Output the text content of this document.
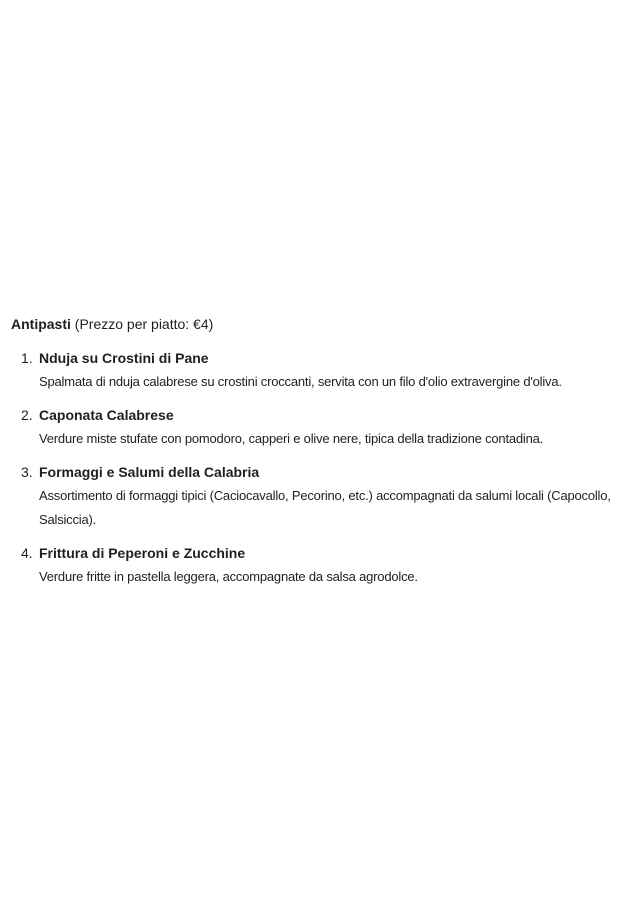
Antipasti (Prezzo per piatto: €4)
1. Nduja su Crostini di Pane
Spalmata di nduja calabrese su crostini croccanti, servita con un filo d'olio extravergine d'oliva.
2. Caponata Calabrese
Verdure miste stufate con pomodoro, capperi e olive nere, tipica della tradizione contadina.
3. Formaggi e Salumi della Calabria
Assortimento di formaggi tipici (Caciocavallo, Pecorino, etc.) accompagnati da salumi locali (Capocollo, Salsiccia).
4. Frittura di Peperoni e Zucchine
Verdure fritte in pastella leggera, accompagnate da salsa agrodolce.
